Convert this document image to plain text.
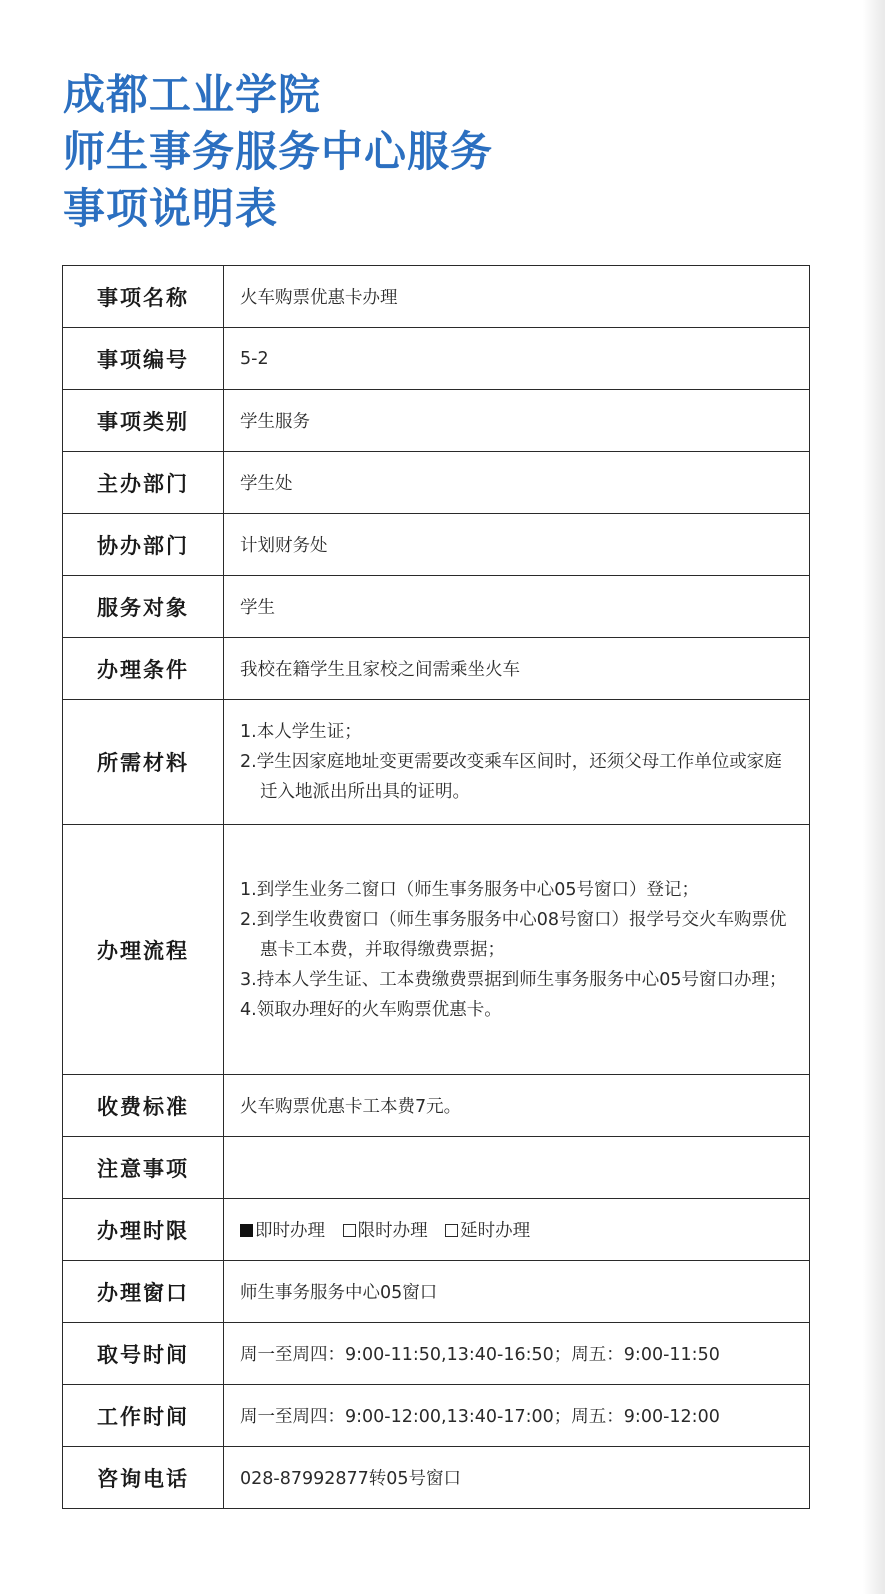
成都工业学院
师生事务服务中心服务
事项说明表
事项名称	火车购票优惠卡办理
事项编号	5-2
事项类别	学生服务
主办部门	学生处
协办部门	计划财务处
服务对象	学生
办理条件	我校在籍学生且家校之间需乘坐火车
所需材料	1.本人学生证；
2.学生因家庭地址变更需要改变乘车区间时，还须父母工作单位或家庭迁入地派出所出具的证明。

办理流程	1.到学生业务二窗口（师生事务服务中心05号窗口）登记；
2.到学生收费窗口（师生事务服务中心08号窗口）报学号交火车购票优惠卡工本费，并取得缴费票据；
3.持本人学生证、工本费缴费票据到师生事务服务中心05号窗口办理；
4.领取办理好的火车购票优惠卡。

收费标准	火车购票优惠卡工本费7元。
注意事项	
办理时限	即时办理 限时办理 延时办理
办理窗口	师生事务服务中心05窗口
取号时间	周一至周四：9:00-11:50,13:40-16:50；周五：9:00-11:50
工作时间	周一至周四：9:00-12:00,13:40-17:00；周五：9:00-12:00
咨询电话	028-87992877转05号窗口
